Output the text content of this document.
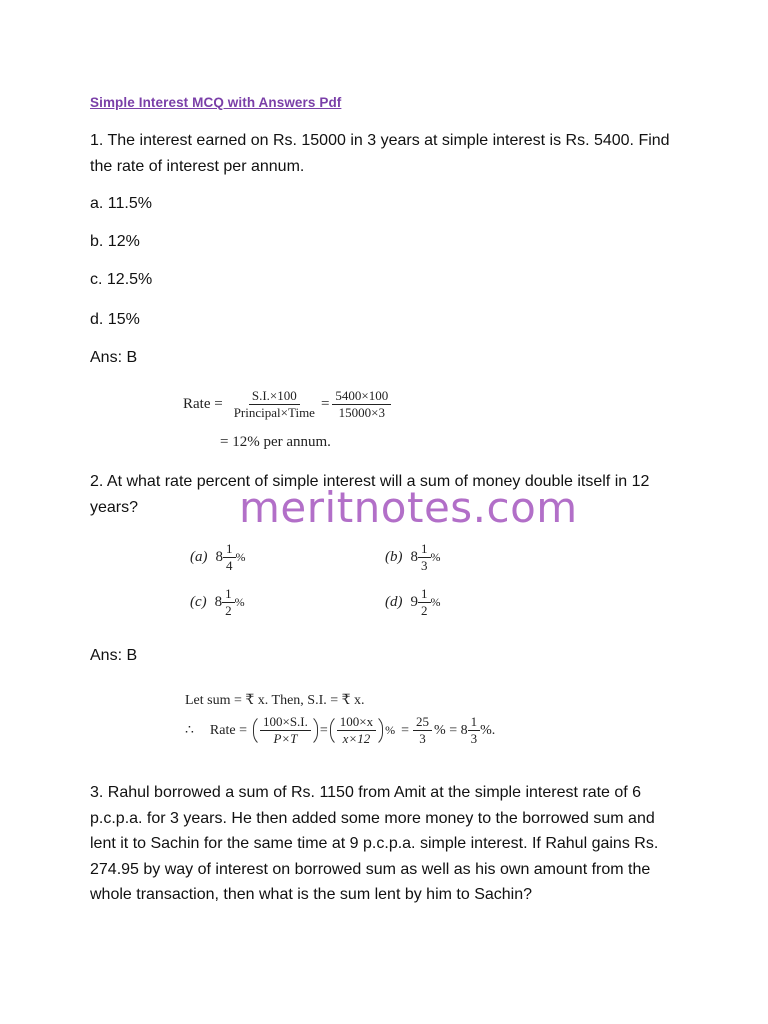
Simple Interest MCQ with Answers Pdf
1. The interest earned on Rs. 15000 in 3 years at simple interest is Rs. 5400. Find the rate of interest per annum.
a. 11.5%
b. 12%
c. 12.5%
d. 15%
Ans: B
Rate = $\frac{S.I.\times 100}{\text{Principal×Time}} = \frac{5400\times 100}{15000\times 3}$
= 12% per annum.
2. At what rate percent of simple interest will a sum of money double itself in 12 years?	meritnotes.com
(a) $8 \frac{1}{4}$ %	(b) $8 \frac{1}{3}$ %
(c) $8 \frac{1}{2}$ %	(d) $9 \frac{1}{2}$ %
Ans: B
Let sum = ₹ x. Then, S.I. = ₹ x.
∴ Rate = $\frac{100\times S.I.}{P\times T} = \frac{100\times x}{x\times 12}$ % = $\frac{25}{3}$ % = $8 \frac{1}{3}$ %.
3. Rahul borrowed a sum of Rs. 1150 from Amit at the simple interest rate of 6 p.c.p.a. for 3 years. He then added some more money to the borrowed sum and lent it to Sachin for the same time at 9 p.c.p.a. simple interest. If Rahul gains Rs. 274.95 by way of interest on borrowed sum as well as his own amount from the whole transaction, then what is the sum lent by him to Sachin?
